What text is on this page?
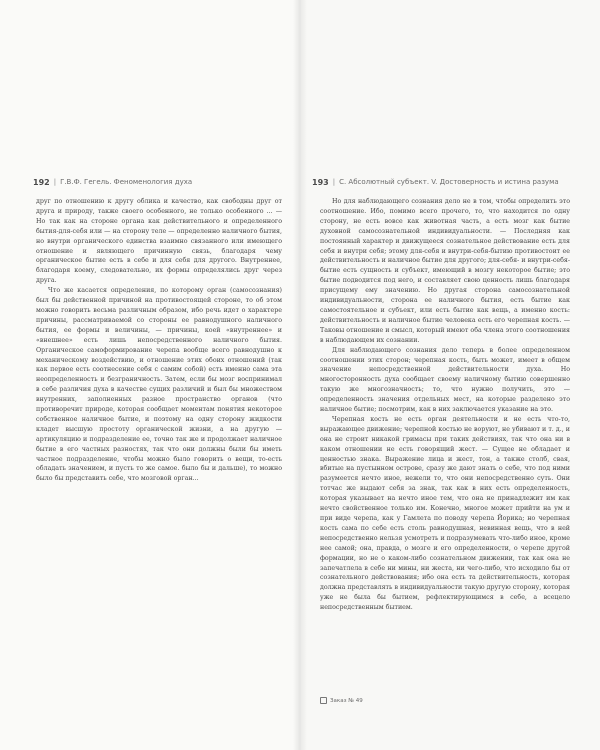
192 | Г.В.Ф. Гегель. Феноменология духа

друг по отношению к другу облика и качество, как свободны друг от друга и природу, также своего особенного, не только особенного ... — Но так как на стороне органа как действительного и определенного бытия-для-себя или — на сторону теле — определенно наличного бытия, но внутри органического единства взаимно связанного или имеющего отношение и являющего причинную связь, благодаря чему органическое бытие есть в себе и для себя для другого. Внутреннее, благодаря коему, следовательно, их формы определялись друг через друга.

Что же касается определения, по которому орган (самосознания) был бы действенной причиной на противостоящей стороне, то об этом можно говорить весьма различным образом, ибо речь идет о характере причины, рассматриваемой со стороны ее равнодушного наличного бытия, ее формы и величины, — причины, коей «внутреннее» и «внешнее» есть лишь непосредственного наличного бытия. Органическое самоформирование черепа вообще всего равнодушно к механическому воздействию, и отношение этих обоих отношений (так как первое есть соотнесение себя с самим собой) есть именно сама эта неопределенность и безграничность. Затем, если бы мозг воспринимал в себе различия духа в качестве сущих различий и был бы множеством внутренних, заполненных разное пространство органов (что противоречит природе, которая сообщает моментам понятия некоторое собственное наличное бытие, и поэтому на одну сторону жидкости кладет высшую простоту органической жизни, а на другую — артикуляцию и подразделение ее, точно так же и продолжает наличное бытие в его частных разностях, так что они должны были бы иметь частное подразделение, чтобы можно было говорить о вещи, то-есть обладать значением, и пусть то же самое. было бы и дальше), то можно было бы представить себе, что мозговой орган...

193 | С. Абсолютный субъект. V. Достоверность и истина разума

Но для наблюдающего сознания дело не в том, чтобы определить это соотношение. Ибо, помимо всего прочего, то, что находится по одну сторону, не есть вовсе как животная часть, а есть мозг как бытие духовной самосознательной индивидуальности. — Последняя как постоянный характер и движущееся сознательное действование есть для себя и внутри себя; этому для-себя и внутри-себя-бытию противостоит ее действительность и наличное бытие для другого; для-себя- и внутри-себя-бытие есть сущность и субъект, имеющий в мозгу некоторое бытие; это бытие подводится под него, и составляет свою ценность лишь благодаря присущему ему значению. Но другая сторона самосознательной индивидуальности, сторона ее наличного бытия, есть бытие как самостоятельное и субъект, или есть бытие как вещь, а именно кость: действительность и наличное бытие человека есть его черепная кость. — Таковы отношение и смысл, который имеют оба члена этого соотношения в наблюдающем их сознании.

Для наблюдающего сознания дело теперь в более определенном соотношении этих сторон; черепная кость, быть может, имеет в общем значение непосредственной действительности духа. Но многосторонность духа сообщает своему наличному бытию совершенно такую же многозначность; то, что нужно получить, это — определенность значения отдельных мест, на которые разделено это наличное бытие; посмотрим, как в них заключается указание на это.

Черепная кость не есть орган деятельности и не есть что-то, выражающее движение; черепной костью не воруют, не убивают и т. д., и она не строит никакой гримасы при таких действиях, так что она ни в каком отношении не есть говорящий жест. — Сущее не обладает и ценностью знака. Выражение лица и жест, тон, а также столб, свая, вбитые на пустынном острове, сразу же дают знать о себе, что под ними разумеется нечто иное, нежели то, что они непосредственно суть. Они тотчас же выдают себя за знак, так как в них есть определенность, которая указывает на нечто иное тем, что она не принадлежит им как нечто свойственное только им. Конечно, многое может прийти на ум и при виде черепа, как у Гамлета по поводу черепа Йорика; но черепная кость сама по себе есть столь равнодушная, невинная вещь, что в ней непосредственно нельзя усмотреть и подразумевать что-либо иное, кроме нее самой; она, правда, о мозге и его определенности, о черепе другой формации, но не о каком-либо сознательном движении, так как она не запечатлела в себе ни мины, ни жеста, ни чего-либо, что исходило бы от сознательного действования; ибо она есть та действительность, которая должна представлять в индивидуальности такую другую сторону, которая уже не была бы бытием, рефлектирующимся в себе, а всецело непосредственным бытием.

Заказ № 49
